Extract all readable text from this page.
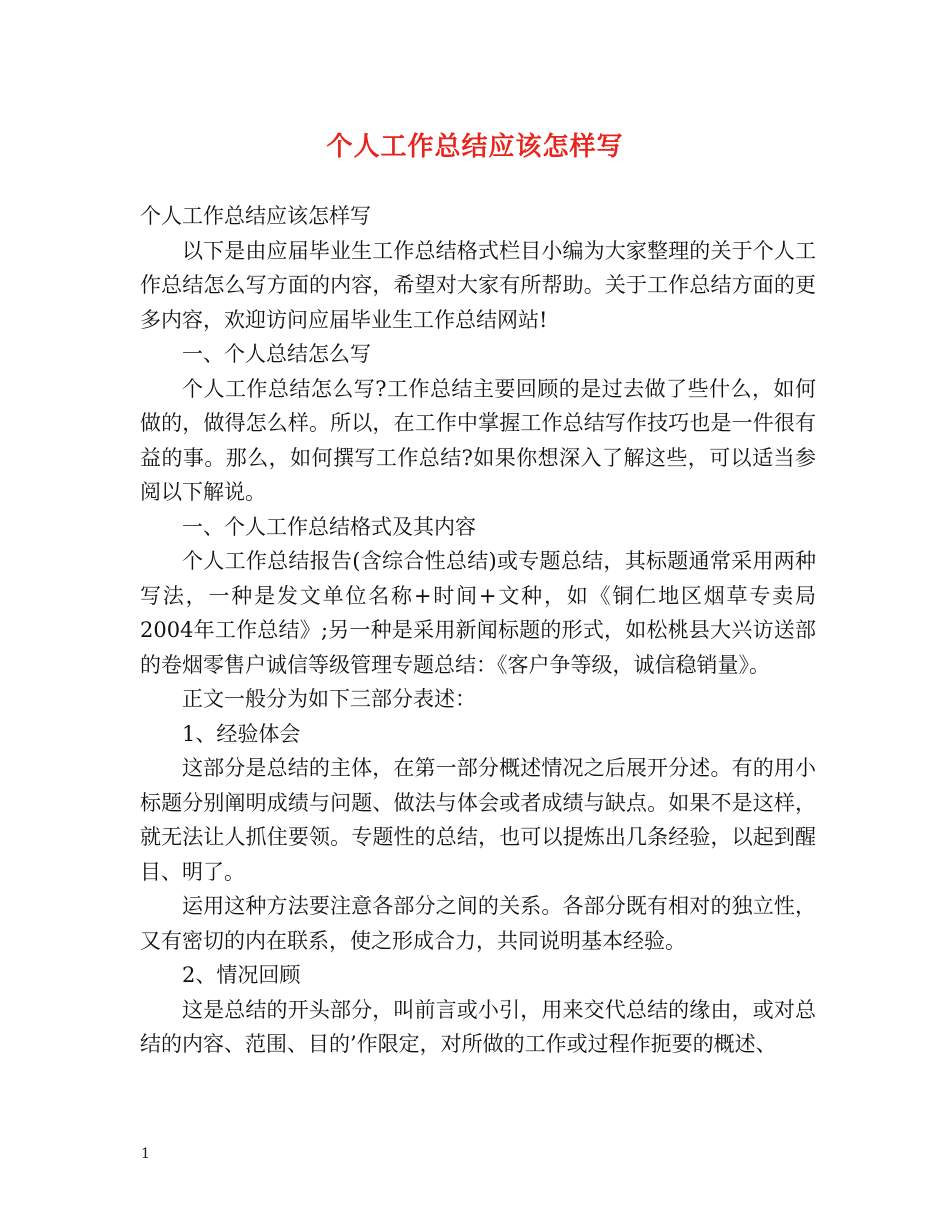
个人工作总结应该怎样写

个人工作总结应该怎样写

以下是由应届毕业生工作总结格式栏目小编为大家整理的关于个人工作总结怎么写方面的内容，希望对大家有所帮助。关于工作总结方面的更多内容，欢迎访问应届毕业生工作总结网站!

一、个人总结怎么写

个人工作总结怎么写?工作总结主要回顾的是过去做了些什么，如何做的，做得怎么样。所以，在工作中掌握工作总结写作技巧也是一件很有益的事。那么，如何撰写工作总结?如果你想深入了解这些，可以适当参阅以下解说。

一、个人工作总结格式及其内容

个人工作总结报告(含综合性总结)或专题总结，其标题通常采用两种写法，一种是发文单位名称+时间+文种，如《铜仁地区烟草专卖局2004年工作总结》;另一种是采用新闻标题的形式，如松桃县大兴访送部的卷烟零售户诚信等级管理专题总结：《客户争等级，诚信稳销量》。

正文一般分为如下三部分表述：

1、经验体会

这部分是总结的主体，在第一部分概述情况之后展开分述。有的用小标题分别阐明成绩与问题、做法与体会或者成绩与缺点。如果不是这样，就无法让人抓住要领。专题性的总结，也可以提炼出几条经验，以起到醒目、明了。

运用这种方法要注意各部分之间的关系。各部分既有相对的独立性，又有密切的内在联系，使之形成合力，共同说明基本经验。

2、情况回顾

这是总结的开头部分，叫前言或小引，用来交代总结的缘由，或对总结的内容、范围、目的’作限定，对所做的工作或过程作扼要的概述、

1
